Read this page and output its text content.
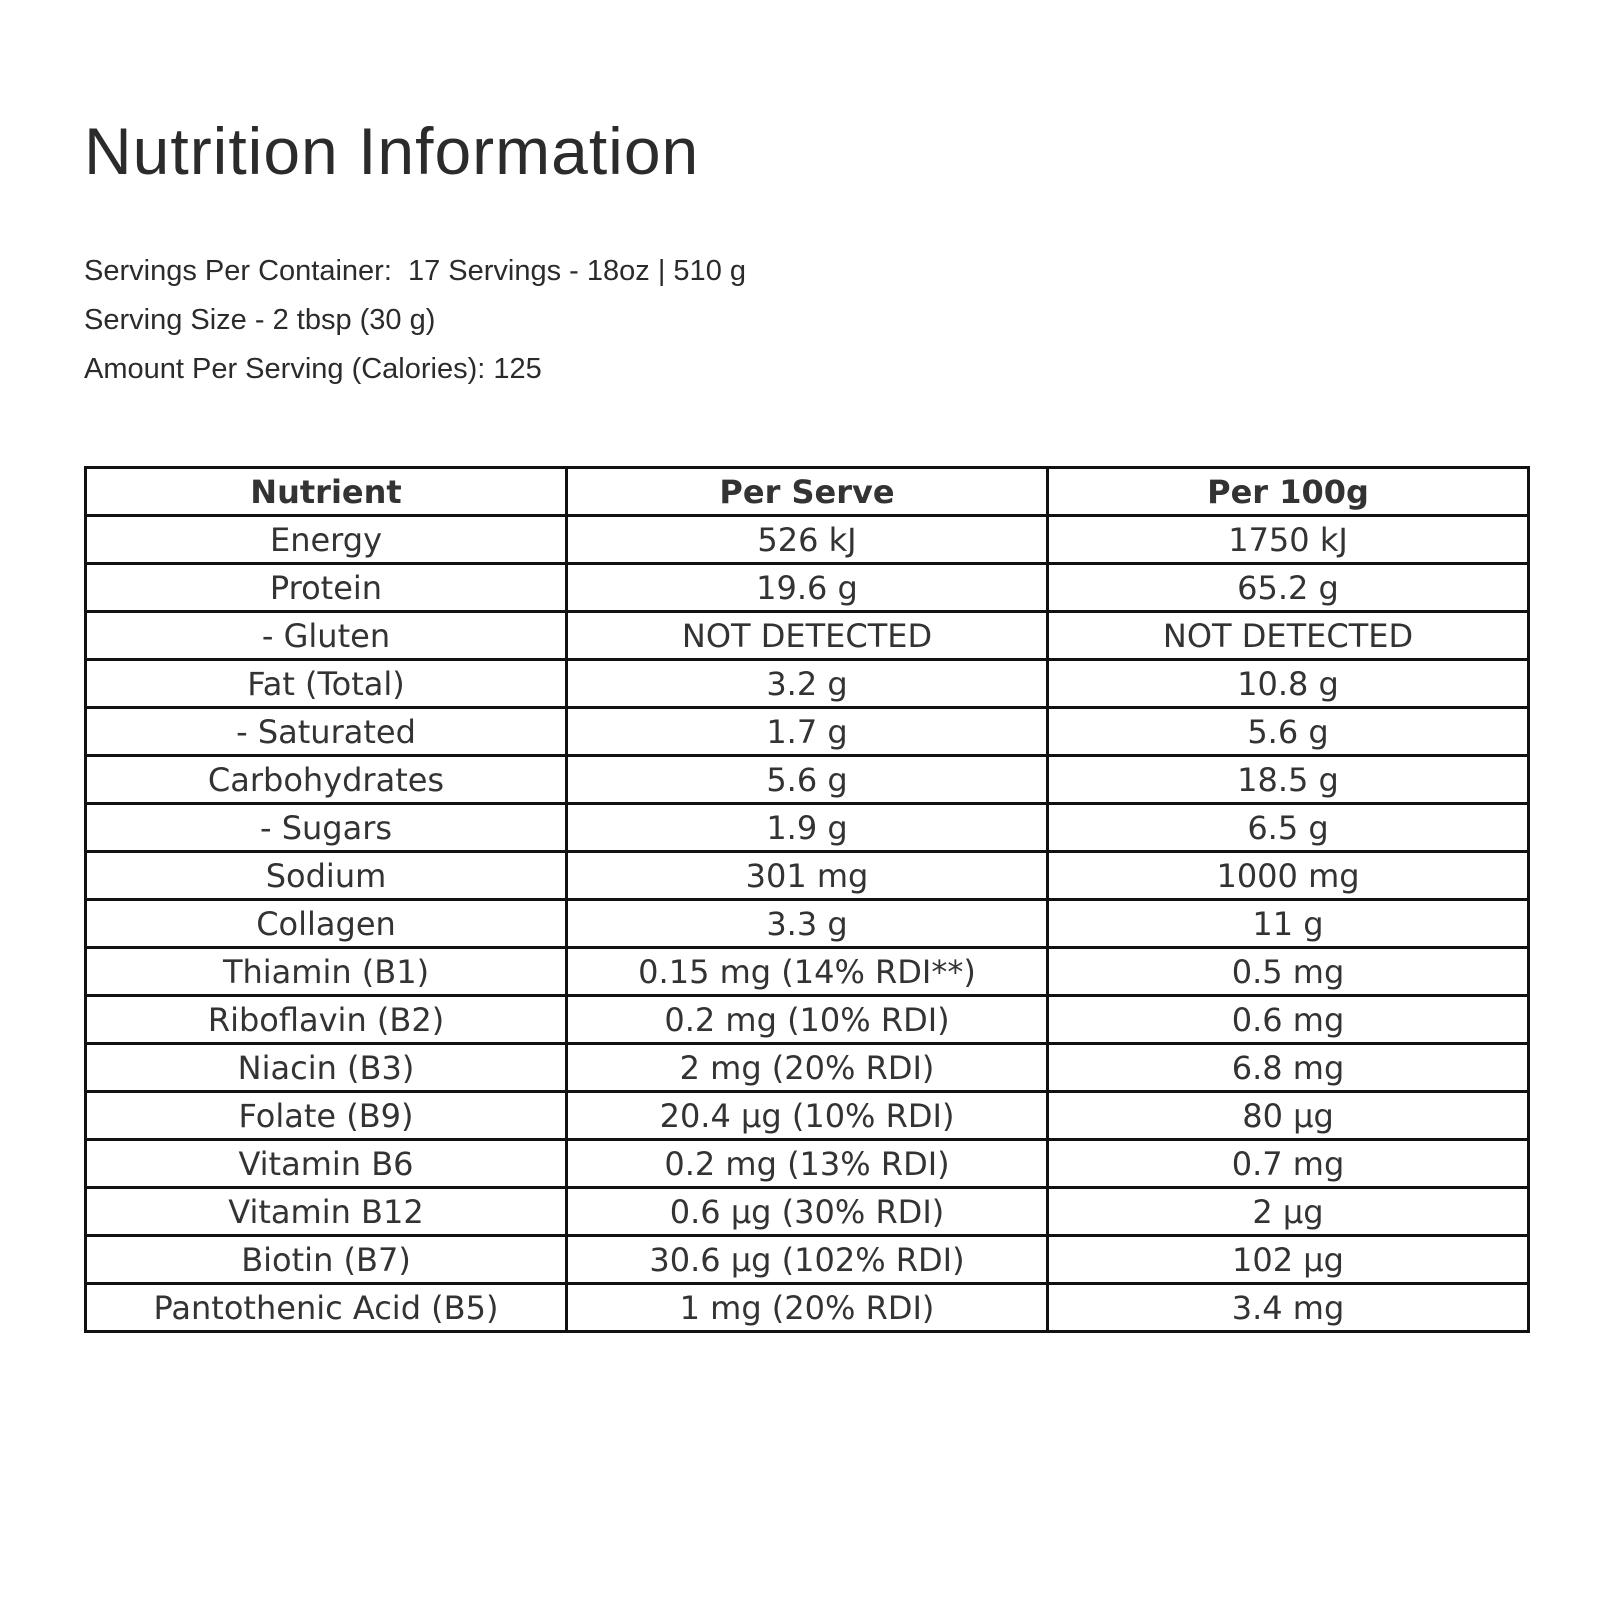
Nutrition Information
Servings Per Container:  17 Servings - 18oz | 510 g
Serving Size - 2 tbsp (30 g)
Amount Per Serving (Calories): 125
Nutrient	Per Serve	Per 100g
Energy	526 kJ	1750 kJ
Protein	19.6 g	65.2 g
- Gluten	NOT DETECTED	NOT DETECTED
Fat (Total)	3.2 g	10.8 g
- Saturated	1.7 g	5.6 g
Carbohydrates	5.6 g	18.5 g
- Sugars	1.9 g	6.5 g
Sodium	301 mg	1000 mg
Collagen	3.3 g	11 g
Thiamin (B1)	0.15 mg (14% RDI**)	0.5 mg
Riboflavin (B2)	0.2 mg (10% RDI)	0.6 mg
Niacin (B3)	2 mg (20% RDI)	6.8 mg
Folate (B9)	20.4 µg (10% RDI)	80 µg
Vitamin B6	0.2 mg (13% RDI)	0.7 mg
Vitamin B12	0.6 µg (30% RDI)	2 µg
Biotin (B7)	30.6 µg (102% RDI)	102 µg
Pantothenic Acid (B5)	1 mg (20% RDI)	3.4 mg
